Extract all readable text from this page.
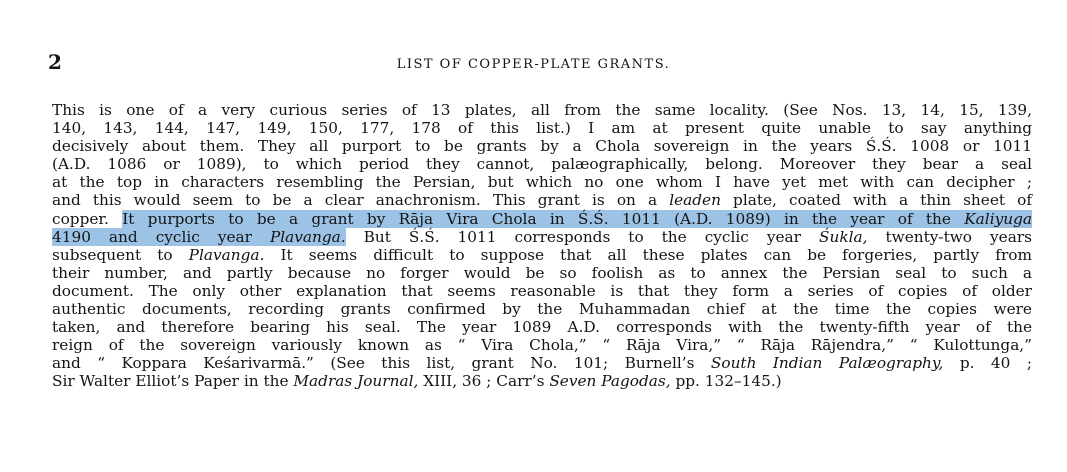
2	LIST OF COPPER-PLATE GRANTS.
This is one of a very curious series of 13 plates, all from the same locality. (See Nos. 13, 14, 15, 139,
140, 143, 144, 147, 149, 150, 177, 178 of this list.) I am at present quite unable to say anything
decisively about them. They all purport to be grants by a Chola sovereign in the years Ś.Ś. 1008 or 1011
(A.D. 1086 or 1089), to which period they cannot, palæographically, belong. Moreover they bear a seal
at the top in characters resembling the Persian, but which no one whom I have yet met with can decipher ;
and this would seem to be a clear anachronism. This grant is on a leaden plate, coated with a thin sheet of
copper. It purports to be a grant by Rāja Vira Chola in Ś.Ś. 1011 (A.D. 1089) in the year of the Kaliyuga
4190 and cyclic year Plavanga. But Ś.Ś. 1011 corresponds to the cyclic year Śukla, twenty-two years
subsequent to Plavanga. It seems difficult to suppose that all these plates can be forgeries, partly from
their number, and partly because no forger would be so foolish as to annex the Persian seal to such a
document. The only other explanation that seems reasonable is that they form a series of copies of older
authentic documents, recording grants confirmed by the Muhammadan chief at the time the copies were
taken, and therefore bearing his seal. The year 1089 A.D. corresponds with the twenty-fifth year of the
reign of the sovereign variously known as “ Vira Chola,” “ Rāja Vira,” “ Rāja Rājendra,” “ Kulottunga,”
and “ Koppara Keśarivarmā.” (See this list, grant No. 101; Burnell’s South Indian Palæography, p. 40 ;
Sir Walter Elliot’s Paper in the Madras Journal, XIII, 36 ; Carr’s Seven Pagodas, pp. 132–145.)
